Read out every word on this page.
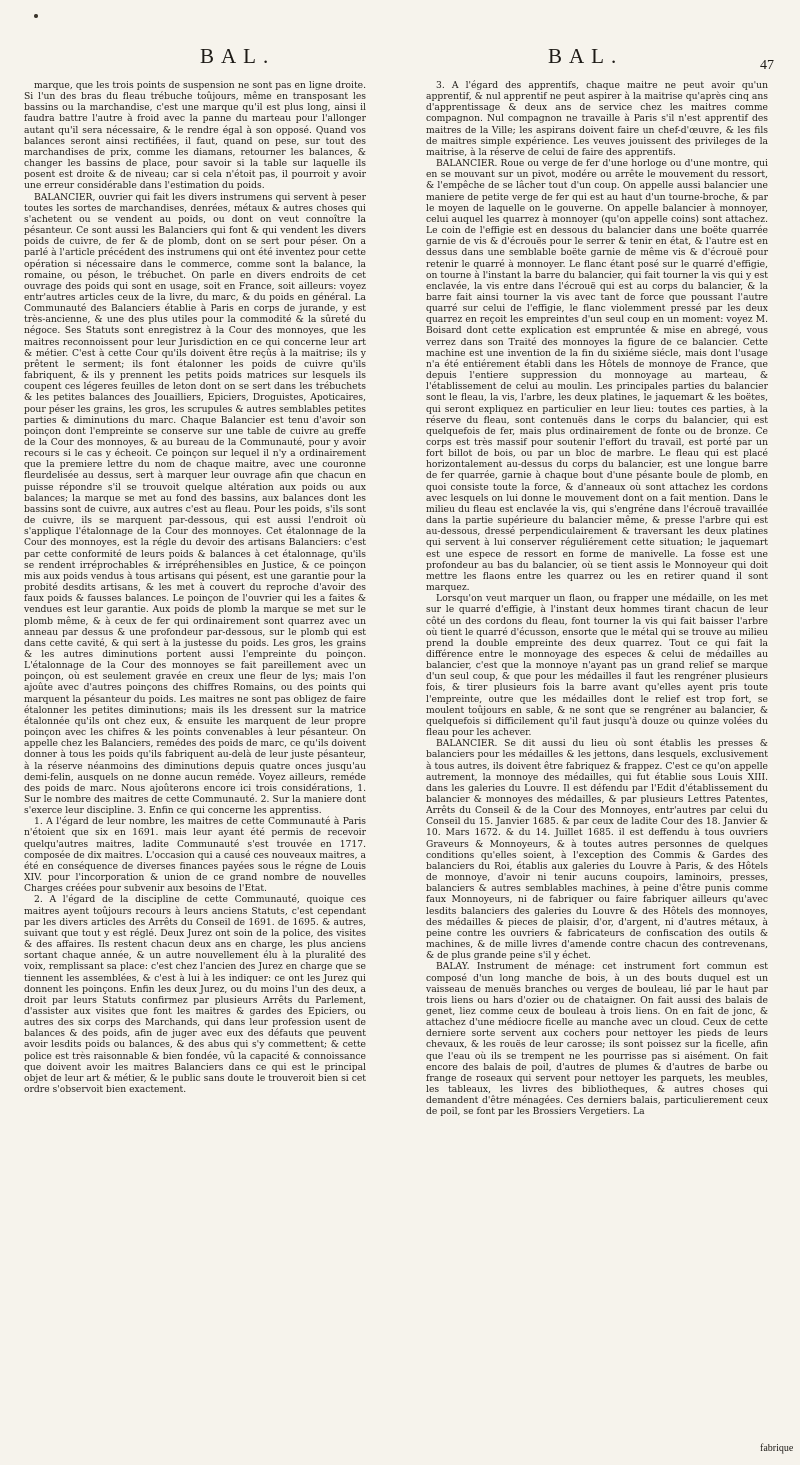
BAL.	BAL.	47

marque, que les trois points de suspension ne sont pas en ligne droite. Si l'un des bras du fleau trébuche toûjours, même en transposant les bassins ou la marchandise, c'est une marque qu'il est plus long, ainsi il faudra battre l'autre à froid avec la panne du marteau pour l'allonger autant qu'il sera nécessaire, & le rendre égal à son opposé. Quand vos balances seront ainsi rectifiées, il faut, quand on pese, sur tout des marchandises de prix, comme les diamans, retourner les balances, & changer les bassins de place, pour savoir si la table sur laquelle ils posent est droite & de niveau; car si cela n'étoit pas, il pourroit y avoir une erreur considérable dans l'estimation du poids.

BALANCIER, ouvrier qui fait les divers instrumens qui servent à peser toutes les sortes de marchandises, denrées, métaux & autres choses qui s'achetent ou se vendent au poids, ou dont on veut connoître la pésanteur. Ce sont aussi les Balanciers qui font & qui vendent les divers poids de cuivre, de fer & de plomb, dont on se sert pour péser. On a parlé à l'article précédent des instrumens qui ont été inventez pour cette opération si nécessaire dans le commerce, comme sont la balance, la romaine, ou péson, le trébuchet. On parle en divers endroits de cet ouvrage des poids qui sont en usage, soit en France, soit ailleurs: voyez entr'autres articles ceux de la livre, du marc, & du poids en général. La Communauté des Balanciers établie à Paris en corps de jurande, y est très-ancienne, & une des plus utiles pour la commodité & la sûreté du négoce. Ses Statuts sont enregistrez à la Cour des monnoyes, que les maitres reconnoissent pour leur Jurisdiction en ce qui concerne leur art & métier. C'est à cette Cour qu'ils doivent être reçûs à la maitrise; ils y prêtent le serment; ils font étalonner les poids de cuivre qu'ils fabriquent, & ils y prennent les petits poids matrices sur lesquels ils coupent ces légeres feuilles de leton dont on se sert dans les trébuchets & les petites balances des Jouailliers, Epiciers, Droguistes, Apoticaires, pour péser les grains, les gros, les scrupules & autres semblables petites parties & diminutions du marc. Chaque Balancier est tenu d'avoir son poinçon dont l'empreinte se conserve sur une table de cuivre au greffe de la Cour des monnoyes, & au bureau de la Communauté, pour y avoir recours si le cas y écheoit. Ce poinçon sur lequel il n'y a ordinairement que la premiere lettre du nom de chaque maitre, avec une couronne fleurdelisée au dessus, sert à marquer leur ouvrage afin que chacun en puisse répondre s'il se trouvoit quelque altération aux poids ou aux balances; la marque se met au fond des bassins, aux balances dont les bassins sont de cuivre, aux autres c'est au fleau. Pour les poids, s'ils sont de cuivre, ils se marquent par-dessous, qui est aussi l'endroit où s'applique l'étalonnage de la Cour des monnoyes. Cet étalonnage de la Cour des monnoyes, est la régle du devoir des artisans Balanciers: c'est par cette conformité de leurs poids & balances à cet étalonnage, qu'ils se rendent irréprochables & irrépréhensibles en Justice, & ce poinçon mis aux poids vendus à tous artisans qui pésent, est une garantie pour la probité desdits artisans, & les met à couvert du reproche d'avoir des faux poids & fausses balances. Le poinçon de l'ouvrier qui les a faites & vendues est leur garantie. Aux poids de plomb la marque se met sur le plomb même, & à ceux de fer qui ordinairement sont quarrez avec un anneau par dessus & une profondeur par-dessous, sur le plomb qui est dans cette cavité, & qui sert à la justesse du poids. Les gros, les grains & les autres diminutions portent aussi l'empreinte du poinçon. L'étalonnage de la Cour des monnoyes se fait pareillement avec un poinçon, où est seulement gravée en creux une fleur de lys; mais l'on ajoûte avec d'autres poinçons des chiffres Romains, ou des points qui marquent la pésanteur du poids. Les maitres ne sont pas obligez de faire étalonner les petites diminutions; mais ils les dressent sur la matrice étalonnée qu'ils ont chez eux, & ensuite les marquent de leur propre poinçon avec les chifres & les points convenables à leur pésanteur. On appelle chez les Balanciers, remédes des poids de marc, ce qu'ils doivent donner à tous les poids qu'ils fabriquent au-delà de leur juste pésanteur, à la réserve néanmoins des diminutions depuis quatre onces jusqu'au demi-felin, ausquels on ne donne aucun reméde. Voyez ailleurs, reméde des poids de marc. Nous ajoûterons encore ici trois considérations, 1. Sur le nombre des maitres de cette Communauté. 2. Sur la maniere dont s'exerce leur discipline. 3. Enfin ce qui concerne les apprentiss.

1. A l'égard de leur nombre, les maitres de cette Communauté à Paris n'étoient que six en 1691. mais leur ayant été permis de recevoir quelqu'autres maitres, ladite Communauté s'est trouvée en 1717. composée de dix maitres. L'occasion qui a causé ces nouveaux maitres, a été en conséquence de diverses finances payées sous le régne de Louis XIV. pour l'incorporation & union de ce grand nombre de nouvelles Charges créées pour subvenir aux besoins de l'Etat.

2. A l'égard de la discipline de cette Communauté, quoique ces maitres ayent toûjours recours à leurs anciens Statuts, c'est cependant par les divers articles des Arrêts du Conseil de 1691. de 1695. & autres, suivant que tout y est réglé. Deux Jurez ont soin de la police, des visites & des affaires. Ils restent chacun deux ans en charge, les plus anciens sortant chaque année, & un autre nouvellement élu à la pluralité des voix, remplissant sa place: c'est chez l'ancien des Jurez en charge que se tiennent les assemblées, & c'est à lui à les indiquer: ce ont les Jurez qui donnent les poinçons. Enfin les deux Jurez, ou du moins l'un des deux, a droit par leurs Statuts confirmez par plusieurs Arrêts du Parlement, d'assister aux visites que font les maitres & gardes des Epiciers, ou autres des six corps des Marchands, qui dans leur profession usent de balances & des poids, afin de juger avec eux des défauts que peuvent avoir lesdits poids ou balances, & des abus qui s'y commettent; & cette police est très raisonnable & bien fondée, vû la capacité & connoissance que doivent avoir les maitres Balanciers dans ce qui est le principal objet de leur art & métier, & le public sans doute le trouveroit bien si cet ordre s'observoit bien exactement.

3. A l'égard des apprentifs, chaque maitre ne peut avoir qu'un apprentif, & nul apprentif ne peut aspirer à la maitrise qu'après cinq ans d'apprentissage & deux ans de service chez les maitres comme compagnon. Nul compagnon ne travaille à Paris s'il n'est apprentif des maitres de la Ville; les aspirans doivent faire un chef-d'œuvre, & les fils de maitres simple expérience. Les veuves jouissent des privileges de la maitrise, à la réserve de celui de faire des apprentifs.

BALANCIER. Roue ou verge de fer d'une horloge ou d'une montre, qui en se mouvant sur un pivot, modére ou arrête le mouvement du ressort, & l'empêche de se lâcher tout d'un coup. On appelle aussi balancier une maniere de petite verge de fer qui est au haut d'un tourne-broche, & par le moyen de laquelle on le gouverne. On appelle balancier à monnoyer, celui auquel les quarrez à monnoyer (qu'on appelle coins) sont attachez. Le coin de l'effigie est en dessous du balancier dans une boëte quarrée garnie de vis & d'écrouës pour le serrer & tenir en état, & l'autre est en dessus dans une semblable boëte garnie de même vis & d'écrouë pour retenir le quarré à monnoyer. Le flanc étant posé sur le quarré d'effigie, on tourne à l'instant la barre du balancier, qui fait tourner la vis qui y est enclavée, la vis entre dans l'écrouë qui est au corps du balancier, & la barre fait ainsi tourner la vis avec tant de force que poussant l'autre quarré sur celui de l'effigie, le flanc violemment pressé par les deux quarrez en reçoit les empreintes d'un seul coup en un moment: voyez M. Boisard dont cette explication est empruntée & mise en abregé, vous verrez dans son Traité des monnoyes la figure de ce balancier. Cette machine est une invention de la fin du sixiéme siécle, mais dont l'usage n'a été entiérement établi dans les Hôtels de monnoye de France, que depuis l'entiere suppression du monnoyage au marteau, & l'établissement de celui au moulin. Les principales parties du balancier sont le fleau, la vis, l'arbre, les deux platines, le jaquemart & les boëtes, qui seront expliquez en particulier en leur lieu: toutes ces parties, à la réserve du fleau, sont contenuës dans le corps du balancier, qui est quelquefois de fer, mais plus ordinairement de fonte ou de bronze. Ce corps est très massif pour soutenir l'effort du travail, est porté par un fort billot de bois, ou par un bloc de marbre. Le fleau qui est placé horizontalement au-dessus du corps du balancier, est une longue barre de fer quarrée, garnie à chaque bout d'une pésante boule de plomb, en quoi consiste toute la force, & d'anneaux où sont attachez les cordons avec lesquels on lui donne le mouvement dont on a fait mention. Dans le milieu du fleau est enclavée la vis, qui s'engréne dans l'écrouë travaillée dans la partie supérieure du balancier même, & presse l'arbre qui est au-dessous, dressé perpendiculairement & traversant les deux platines qui servent à lui conserver réguliérement cette situation; le jaquemart est une espece de ressort en forme de manivelle. La fosse est une profondeur au bas du balancier, où se tient assis le Monnoyeur qui doit mettre les flaons entre les quarrez ou les en retirer quand il sont marquez.

Lorsqu'on veut marquer un flaon, ou frapper une médaille, on les met sur le quarré d'effigie, à l'instant deux hommes tirant chacun de leur côté un des cordons du fleau, font tourner la vis qui fait baisser l'arbre où tient le quarré d'écusson, ensorte que le métal qui se trouve au milieu prend la double empreinte des deux quarrez. Tout ce qui fait la différence entre le monnoyage des especes & celui de médailles au balancier, c'est que la monnoye n'ayant pas un grand relief se marque d'un seul coup, & que pour les médailles il faut les rengréner plusieurs fois, & tirer plusieurs fois la barre avant qu'elles ayent pris toute l'empreinte, outre que les médailles dont le relief est trop fort, se moulent toûjours en sable, & ne sont que se rengréner au balancier, & quelquefois si difficilement qu'il faut jusqu'à douze ou quinze volées du fleau pour les achever.

BALANCIER. Se dit aussi du lieu où sont établis les presses & balanciers pour les médailles & les jettons, dans lesquels, exclusivement à tous autres, ils doivent être fabriquez & frappez. C'est ce qu'on appelle autrement, la monnoye des médailles, qui fut établie sous Louis XIII. dans les galeries du Louvre. Il est défendu par l'Edit d'établissement du balancier & monnoyes des médailles, & par plusieurs Lettres Patentes, Arrêts du Conseil & de la Cour des Monnoyes, entr'autres par celui du Conseil du 15. Janvier 1685. & par ceux de ladite Cour des 18. Janvier & 10. Mars 1672. & du 14. Juillet 1685. il est deffendu à tous ouvriers Graveurs & Monnoyeurs, & à toutes autres personnes de quelques conditions qu'elles soient, à l'exception des Commis & Gardes des balanciers du Roi, établis aux galeries du Louvre à Paris, & des Hôtels de monnoye, d'avoir ni tenir aucuns coupoirs, laminoirs, presses, balanciers & autres semblables machines, à peine d'être punis comme faux Monnoyeurs, ni de fabriquer ou faire fabriquer ailleurs qu'avec lesdits balanciers des galeries du Louvre & des Hôtels des monnoyes, des médailles & pieces de plaisir, d'or, d'argent, ni d'autres métaux, à peine contre les ouvriers & fabricateurs de confiscation des outils & machines, & de mille livres d'amende contre chacun des contrevenans, & de plus grande peine s'il y échet.

BALAY. Instrument de ménage: cet instrument fort commun est composé d'un long manche de bois, à un des bouts duquel est un vaisseau de menuës branches ou verges de bouleau, lié par le haut par trois liens ou hars d'ozier ou de chataigner. On fait aussi des balais de genet, liez comme ceux de bouleau à trois liens. On en fait de jonc, & attachez d'une médiocre ficelle au manche avec un cloud. Ceux de cette derniere sorte servent aux cochers pour nettoyer les pieds de leurs chevaux, & les rouës de leur carosse; ils sont poissez sur la ficelle, afin que l'eau où ils se trempent ne les pourrisse pas si aisément. On fait encore des balais de poil, d'autres de plumes & d'autres de barbe ou frange de roseaux qui servent pour nettoyer les parquets, les meubles, les tableaux, les livres des bibliotheques, & autres choses qui demandent d'être ménagées. Ces derniers balais, particulierement ceux de poil, se font par les Brossiers Vergetiers. La

fabrique
